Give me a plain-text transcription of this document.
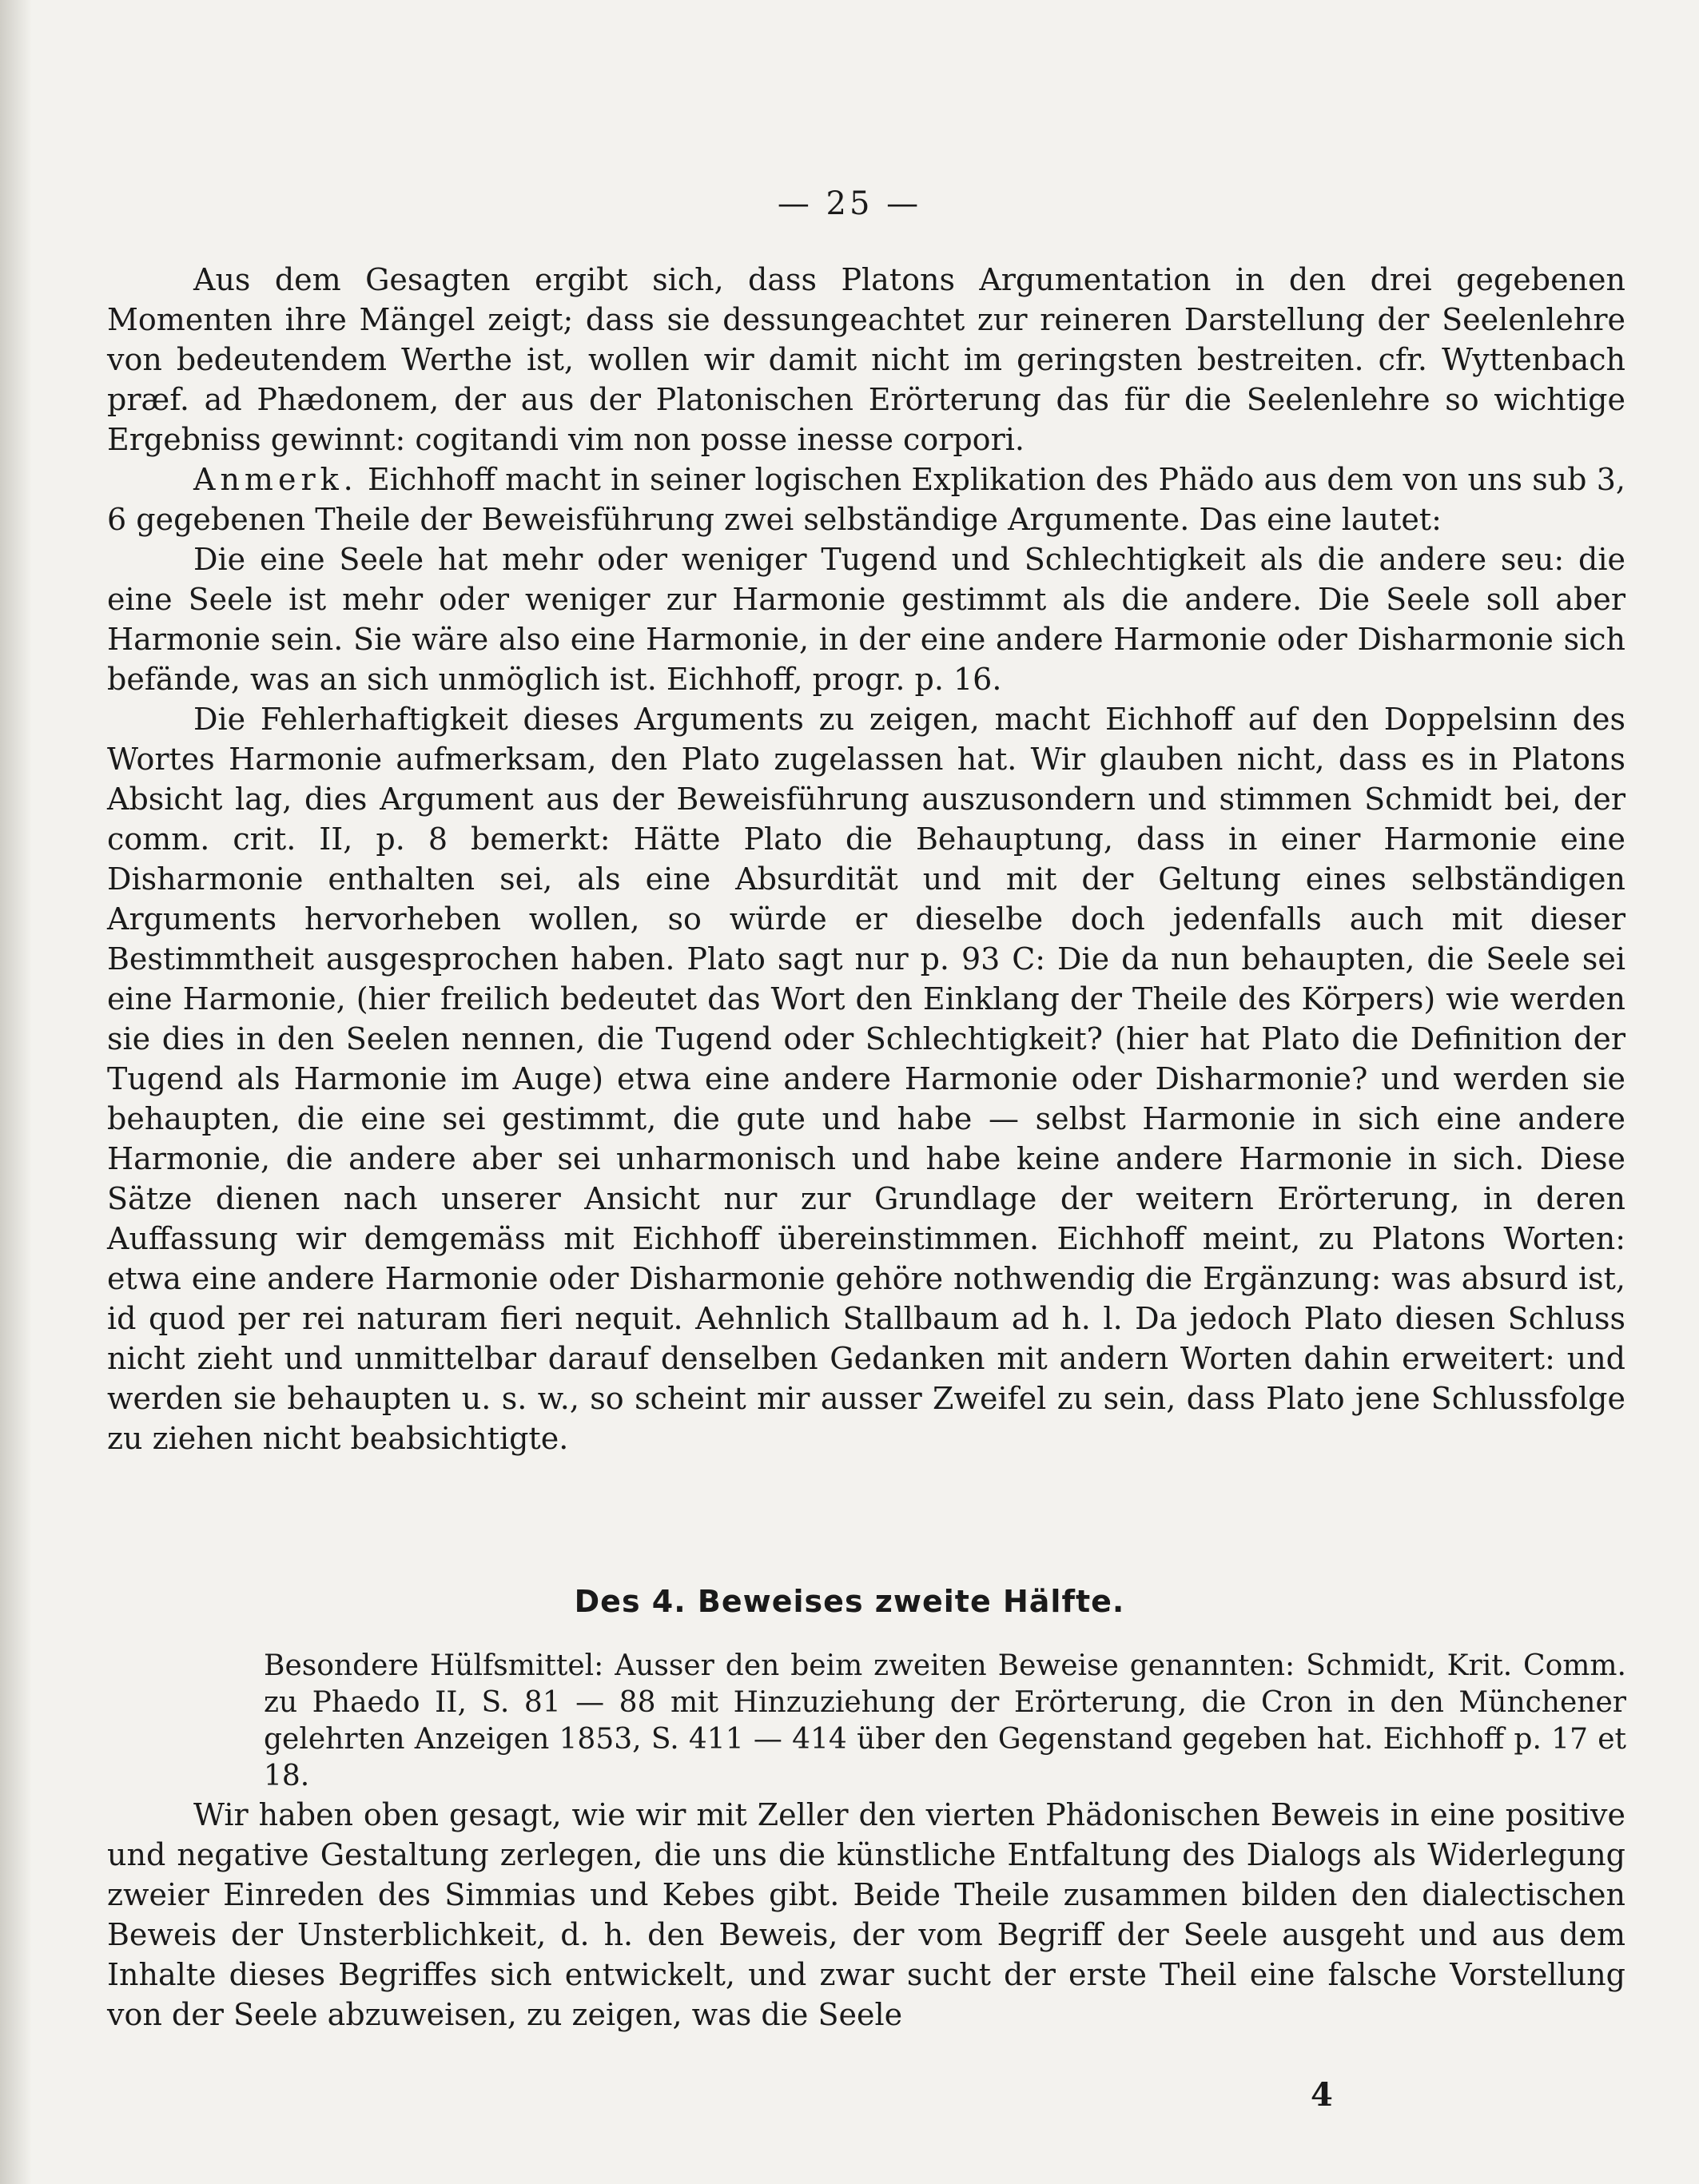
— 25 —

Aus dem Gesagten ergibt sich, dass Platons Argumentation in den drei gegebenen Momenten ihre Mängel zeigt; dass sie dessungeachtet zur reineren Darstellung der Seelenlehre von bedeutendem Werthe ist, wollen wir damit nicht im geringsten bestreiten. cfr. Wyttenbach præf. ad Phædonem, der aus der Platonischen Erörterung das für die Seelenlehre so wichtige Ergebniss gewinnt: cogitandi vim non posse inesse corpori.

Anmerk. Eichhoff macht in seiner logischen Explikation des Phädo aus dem von uns sub 3, 6 gegebenen Theile der Beweisführung zwei selbständige Argumente. Das eine lautet:

Die eine Seele hat mehr oder weniger Tugend und Schlechtigkeit als die andere seu: die eine Seele ist mehr oder weniger zur Harmonie gestimmt als die andere. Die Seele soll aber Harmonie sein. Sie wäre also eine Harmonie, in der eine andere Harmonie oder Disharmonie sich befände, was an sich unmöglich ist. Eichhoff, progr. p. 16.

Die Fehlerhaftigkeit dieses Arguments zu zeigen, macht Eichhoff auf den Doppelsinn des Wortes Harmonie aufmerksam, den Plato zugelassen hat. Wir glauben nicht, dass es in Platons Absicht lag, dies Argument aus der Beweisführung auszusondern und stimmen Schmidt bei, der comm. crit. II, p. 8 bemerkt: Hätte Plato die Behauptung, dass in einer Harmonie eine Disharmonie enthalten sei, als eine Absurdität und mit der Geltung eines selbständigen Arguments hervorheben wollen, so würde er dieselbe doch jedenfalls auch mit dieser Bestimmtheit ausgesprochen haben. Plato sagt nur p. 93 C: Die da nun behaupten, die Seele sei eine Harmonie, (hier freilich bedeutet das Wort den Einklang der Theile des Körpers) wie werden sie dies in den Seelen nennen, die Tugend oder Schlechtigkeit? (hier hat Plato die Definition der Tugend als Harmonie im Auge) etwa eine andere Harmonie oder Disharmonie? und werden sie behaupten, die eine sei gestimmt, die gute und habe — selbst Harmonie in sich eine andere Harmonie, die andere aber sei unharmonisch und habe keine andere Harmonie in sich. Diese Sätze dienen nach unserer Ansicht nur zur Grundlage der weitern Erörterung, in deren Auffassung wir demgemäss mit Eichhoff übereinstimmen. Eichhoff meint, zu Platons Worten: etwa eine andere Harmonie oder Disharmonie gehöre nothwendig die Ergänzung: was absurd ist, id quod per rei naturam fieri nequit. Aehnlich Stallbaum ad h. l. Da jedoch Plato diesen Schluss nicht zieht und unmittelbar darauf denselben Gedanken mit andern Worten dahin erweitert: und werden sie behaupten u. s. w., so scheint mir ausser Zweifel zu sein, dass Plato jene Schlussfolge zu ziehen nicht beabsichtigte.

Des 4. Beweises zweite Hälfte.
Besondere Hülfsmittel: Ausser den beim zweiten Beweise genannten: Schmidt, Krit. Comm. zu Phaedo II, S. 81 — 88 mit Hinzuziehung der Erörterung, die Cron in den Münchener gelehrten Anzeigen 1853, S. 411 — 414 über den Gegenstand gegeben hat. Eichhoff p. 17 et 18.

Wir haben oben gesagt, wie wir mit Zeller den vierten Phädonischen Beweis in eine positive und negative Gestaltung zerlegen, die uns die künstliche Entfaltung des Dialogs als Widerlegung zweier Einreden des Simmias und Kebes gibt. Beide Theile zusammen bilden den dialectischen Beweis der Unsterblichkeit, d. h. den Beweis, der vom Begriff der Seele ausgeht und aus dem Inhalte dieses Begriffes sich entwickelt, und zwar sucht der erste Theil eine falsche Vorstellung von der Seele abzuweisen, zu zeigen, was die Seele

4
